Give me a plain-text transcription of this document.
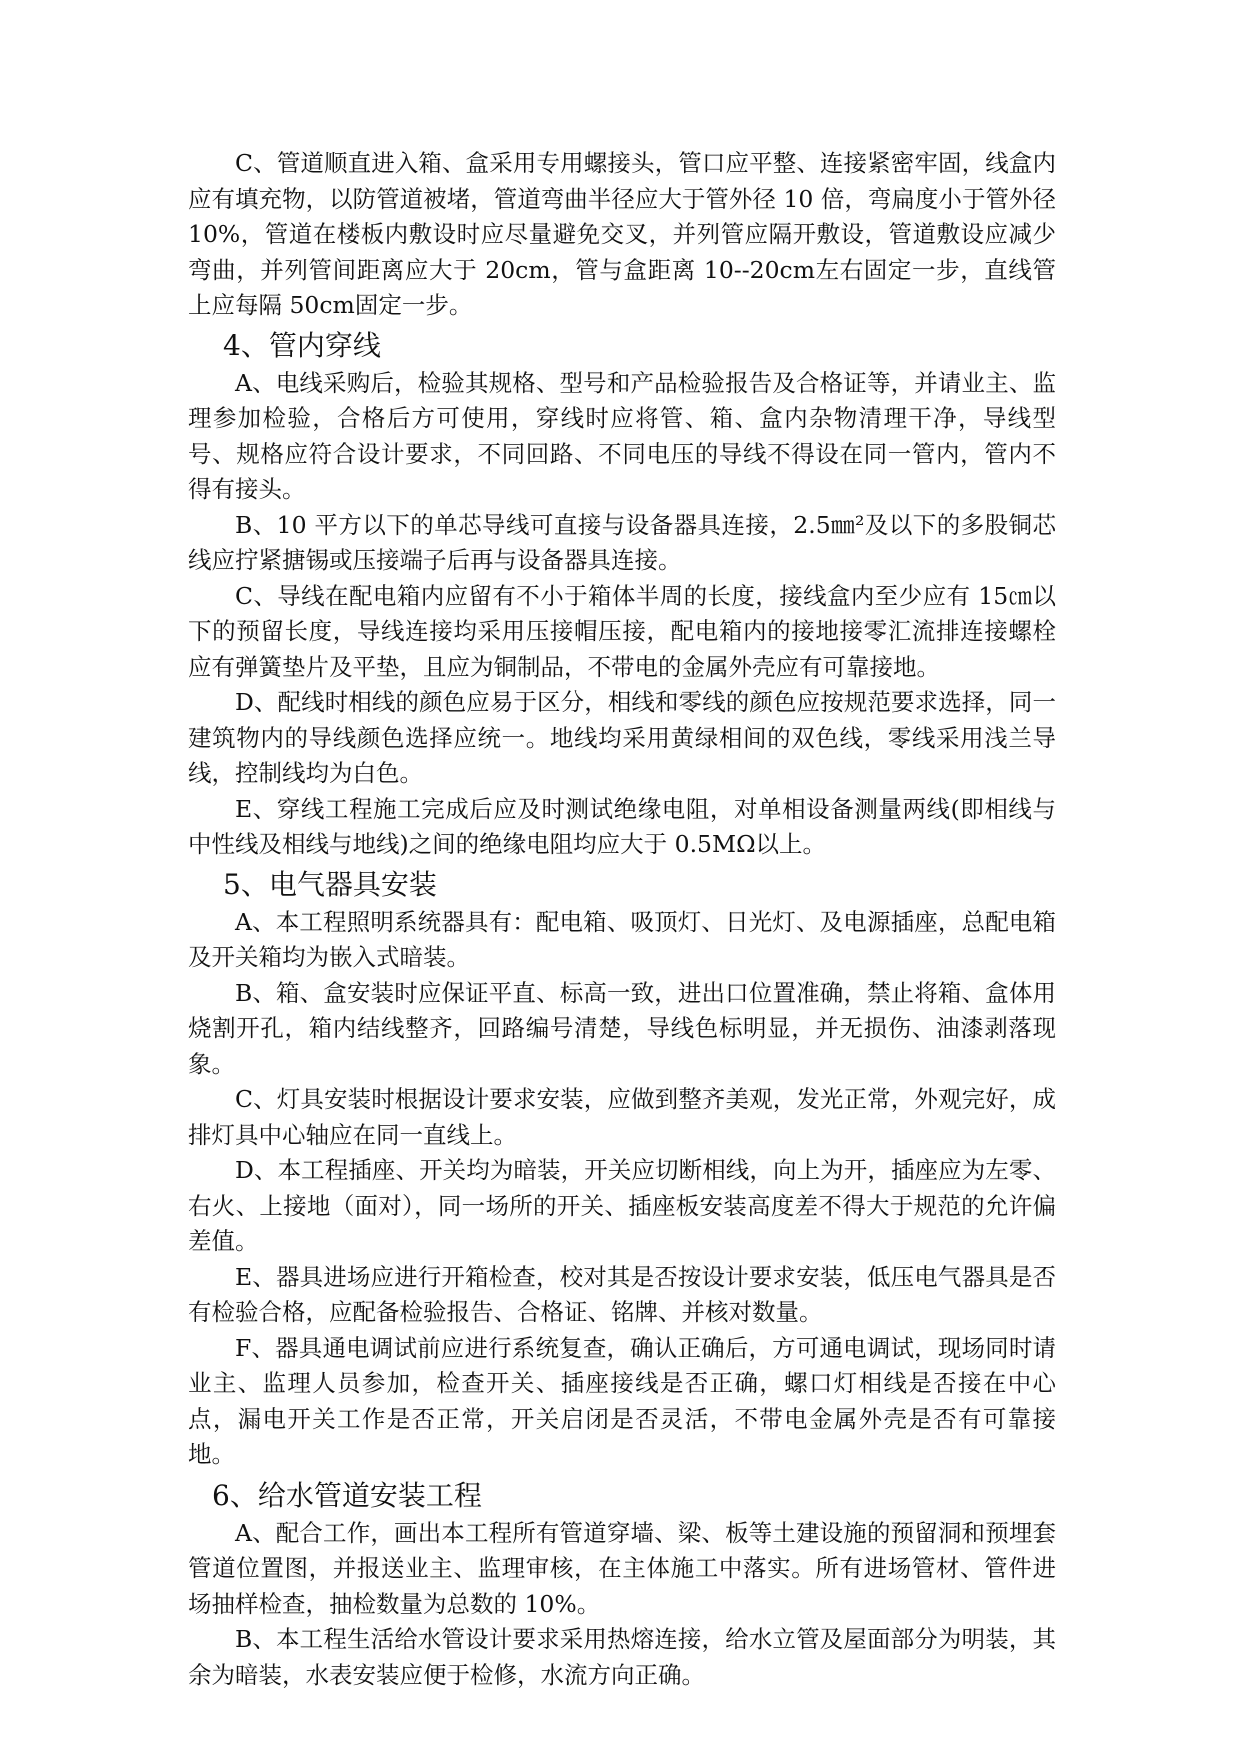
C、管道顺直进入箱、盒采用专用螺接头，管口应平整、连接紧密牢固，线盒内应有填充物，以防管道被堵，管道弯曲半径应大于管外径 10 倍，弯扁度小于管外径 10%，管道在楼板内敷设时应尽量避免交叉，并列管应隔开敷设，管道敷设应减少弯曲，并列管间距离应大于 20cm，管与盒距离 10--20cm左右固定一步，直线管上应每隔 50cm固定一步。

4、管内穿线

A、电线采购后，检验其规格、型号和产品检验报告及合格证等，并请业主、监理参加检验，合格后方可使用，穿线时应将管、箱、盒内杂物清理干净，导线型号、规格应符合设计要求，不同回路、不同电压的导线不得设在同一管内，管内不得有接头。

B、10 平方以下的单芯导线可直接与设备器具连接，2.5㎜²及以下的多股铜芯线应拧紧搪锡或压接端子后再与设备器具连接。

C、导线在配电箱内应留有不小于箱体半周的长度，接线盒内至少应有 15㎝以下的预留长度，导线连接均采用压接帽压接，配电箱内的接地接零汇流排连接螺栓应有弹簧垫片及平垫，且应为铜制品，不带电的金属外壳应有可靠接地。

D、配线时相线的颜色应易于区分，相线和零线的颜色应按规范要求选择，同一建筑物内的导线颜色选择应统一。地线均采用黄绿相间的双色线，零线采用浅兰导线，控制线均为白色。

E、穿线工程施工完成后应及时测试绝缘电阻，对单相设备测量两线(即相线与中性线及相线与地线)之间的绝缘电阻均应大于 0.5MΩ以上。

5、电气器具安装

A、本工程照明系统器具有：配电箱、吸顶灯、日光灯、及电源插座，总配电箱及开关箱均为嵌入式暗装。

B、箱、盒安装时应保证平直、标高一致，进出口位置准确，禁止将箱、盒体用烧割开孔，箱内结线整齐，回路编号清楚，导线色标明显，并无损伤、油漆剥落现象。

C、灯具安装时根据设计要求安装，应做到整齐美观，发光正常，外观完好，成排灯具中心轴应在同一直线上。

D、本工程插座、开关均为暗装，开关应切断相线，向上为开，插座应为左零、右火、上接地（面对），同一场所的开关、插座板安装高度差不得大于规范的允许偏差值。

E、器具进场应进行开箱检查，校对其是否按设计要求安装，低压电气器具是否有检验合格，应配备检验报告、合格证、铭牌、并核对数量。

F、器具通电调试前应进行系统复查，确认正确后，方可通电调试，现场同时请业主、监理人员参加，检查开关、插座接线是否正确，螺口灯相线是否接在中心点，漏电开关工作是否正常，开关启闭是否灵活，不带电金属外壳是否有可靠接地。

6、给水管道安装工程

A、配合工作，画出本工程所有管道穿墙、梁、板等土建设施的预留洞和预埋套管道位置图，并报送业主、监理审核，在主体施工中落实。所有进场管材、管件进场抽样检查，抽检数量为总数的 10%。

B、本工程生活给水管设计要求采用热熔连接，给水立管及屋面部分为明装，其余为暗装，水表安装应便于检修，水流方向正确。
